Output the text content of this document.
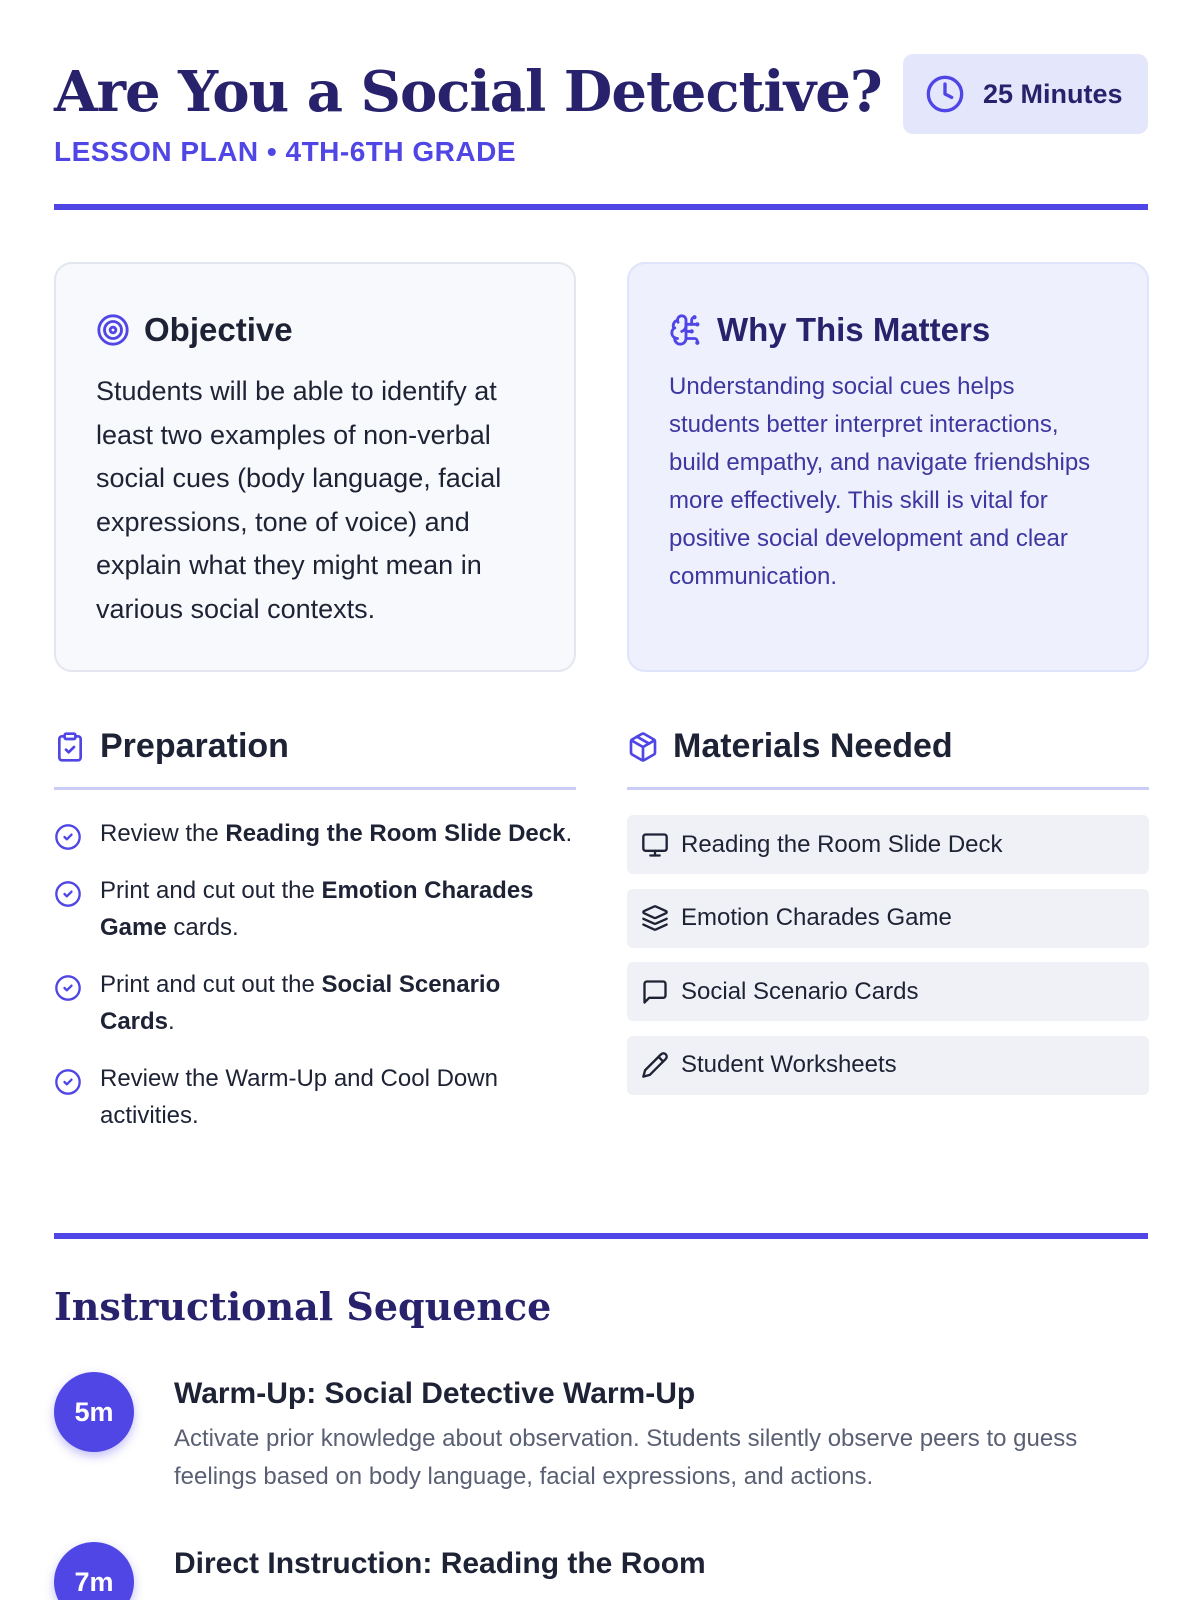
Are You a Social Detective?
LESSON PLAN • 4TH-6TH GRADE
25 Minutes
Objective

Students will be able to identify at least two examples of non-verbal social cues (body language, facial expressions, tone of voice) and explain what they might mean in various social contexts.

Why This Matters

Understanding social cues helps students better interpret interactions, build empathy, and navigate friendships more effectively. This skill is vital for positive social development and clear communication.

Preparation

Review the Reading the Room Slide Deck.

Print and cut out the Emotion Charades Game cards.

Print and cut out the Social Scenario Cards.

Review the Warm-Up and Cool Down activities.

Materials Needed
Reading the Room Slide Deck
Emotion Charades Game
Social Scenario Cards
Student Worksheets
Instructional Sequence
5m
Warm-Up: Social Detective Warm-Up

Activate prior knowledge about observation. Students silently observe peers to guess feelings based on body language, facial expressions, and actions.

7m
Direct Instruction: Reading the Room
